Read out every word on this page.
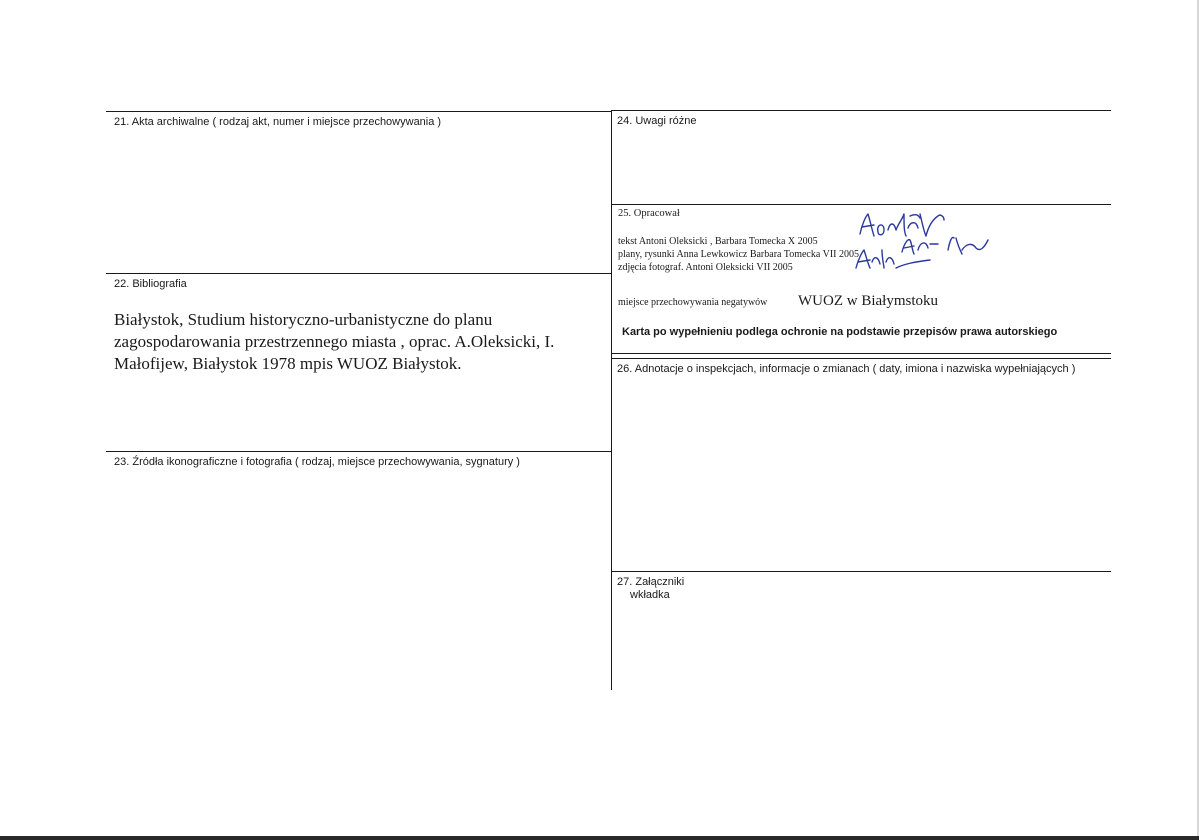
21. Akta archiwalne ( rodzaj akt, numer i miejsce przechowywania )
22. Bibliografia
Białystok, Studium historyczno-urbanistyczne do planu
zagospodarowania przestrzennego miasta , oprac. A.Oleksicki, I.
Małofijew, Białystok 1978 mpis WUOZ Białystok.
23. Źródła ikonograficzne i fotografia ( rodzaj, miejsce przechowywania, sygnatury )
24. Uwagi różne
25. Opracował
tekst Antoni Oleksicki , Barbara Tomecka X 2005
plany, rysunki Anna Lewkowicz Barbara Tomecka VII 2005
zdjęcia fotograf. Antoni Oleksicki VII 2005
miejsce przechowywania negatywów WUOZ w Białymstoku
Karta po wypełnieniu podlega ochronie na podstawie przepisów prawa autorskiego
26. Adnotacje o inspekcjach, informacje o zmianach ( daty, imiona i nazwiska wypełniających )
27. Załączniki
wkładka
